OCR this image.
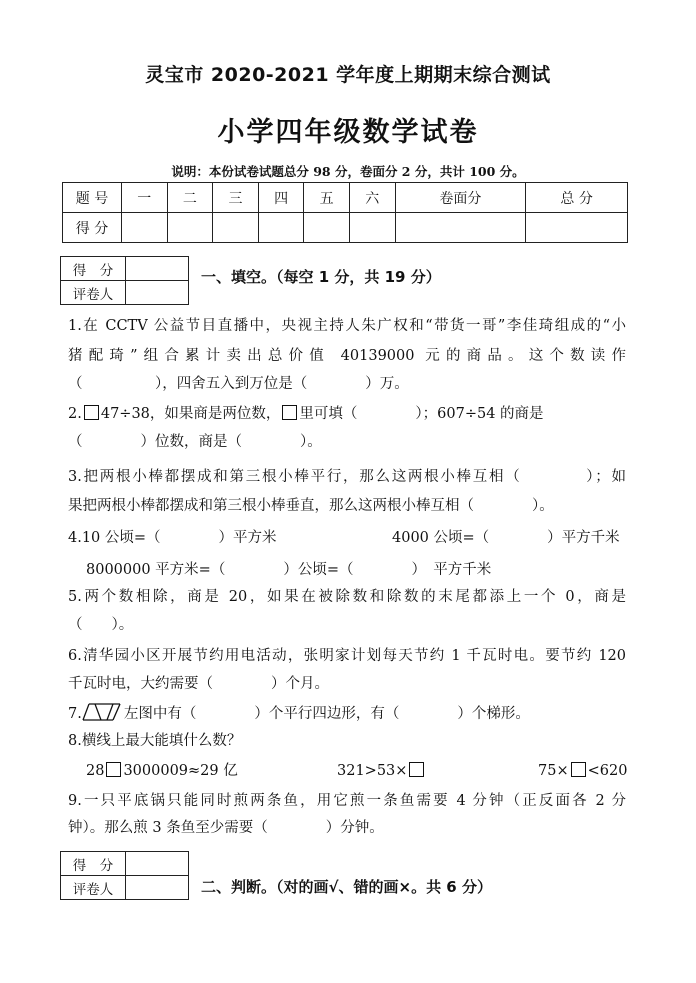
灵宝市 2020-2021 学年度上期期末综合测试
小学四年级数学试卷
说明：本份试卷试题总分 98 分，卷面分 2 分，共计 100 分。
题 号	一	二	三	四	五	六	卷面分	总 分
得 分								
得　分	
评卷人	
一、填空。（每空 1 分，共 19 分）
1.在 CCTV 公益节目直播中，央视主持人朱广权和“带货一哥”李佳琦组成的“小
猪配琦”组合累计卖出总价值 40139000 元的商品。这个数读作
（　　　　　），四舍五入到万位是（　　　　）万。
2. 47÷38，如果商是两位数， 里可填（　　　　）；607÷54 的商是
（　　　　）位数，商是（　　　　）。
3.把两根小棒都摆成和第三根小棒平行，那么这两根小棒互相（　　　　）；如
果把两根小棒都摆成和第三根小棒垂直，那么这两根小棒互相（　　　　）。
4.10 公顷=（　　　　）平方米	4000 公顷=（　　　　）平方千米
8000000 平方米=（　　　　）公顷=（　　　　）　平方千米
5.两个数相除，商是 20，如果在被除数和除数的末尾都添上一个 0，商是
（　　）。
6.清华园小区开展节约用电活动，张明家计划每天节约 1 千瓦时电。要节约 120
千瓦时电，大约需要（　　　　）个月。
7.	左图中有（　　　　）个平行四边形，有（　　　　）个梯形。
8.横线上最大能填什么数？
28 3000009≈29 亿	321>53×	75× <620
9.一只平底锅只能同时煎两条鱼，用它煎一条鱼需要 4 分钟（正反面各 2 分
钟）。那么煎 3 条鱼至少需要（　　　　）分钟。
得　分	
评卷人		二、判断。（对的画√、错的画×。共 6 分）
